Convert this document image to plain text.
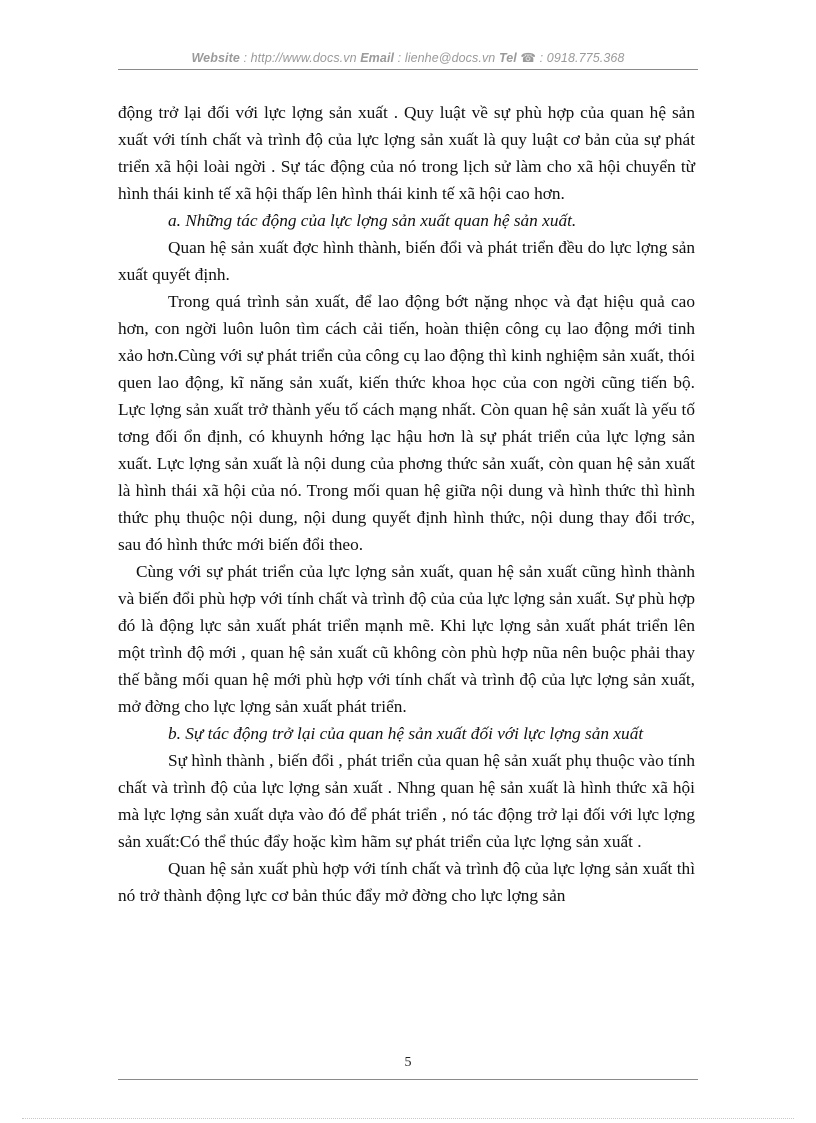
Website : http://www.docs.vn Email : lienhe@docs.vn Tel ☎ : 0918.775.368

động trở lại đối với lực lợng sản xuất . Quy luật về sự phù hợp của quan hệ sản xuất với tính chất và trình độ của lực lợng sản xuất là quy luật cơ bản của sự phát triển xã hội loài ngời . Sự tác động của nó trong lịch sử làm cho xã hội chuyển từ hình thái kinh tế xã hội thấp lên hình thái kinh tế xã hội cao hơn.

a. Những tác động của lực lợng sản xuất quan hệ sản xuất.

Quan hệ sản xuất đợc hình thành, biến đổi và phát triển đều do lực lợng sản xuất quyết định.

Trong quá trình sản xuất, để lao động bớt nặng nhọc và đạt hiệu quả cao hơn, con ngời luôn luôn tìm cách cải tiến, hoàn thiện công cụ lao động mới tinh xảo hơn.Cùng với sự phát triển của công cụ lao động thì kinh nghiệm sản xuất, thói quen lao động, kĩ năng sản xuất, kiến thức khoa học của con ngời cũng tiến bộ. Lực lợng sản xuất trở thành yếu tố cách mạng nhất. Còn quan hệ sản xuất là yếu tố tơng đối ổn định, có khuynh hớng lạc hậu hơn là sự phát triển của lực lợng sản xuất. Lực lợng sản xuất là nội dung của phơng thức sản xuất, còn quan hệ sản xuất là hình thái xã hội của nó. Trong mối quan hệ giữa nội dung và hình thức thì hình thức phụ thuộc nội dung, nội dung quyết định hình thức, nội dung thay đổi trớc, sau đó hình thức mới biến đổi theo.

Cùng với sự phát triển của lực lợng sản xuất, quan hệ sản xuất cũng hình thành và biến đổi phù hợp với tính chất và trình độ của của lực lợng sản xuất. Sự phù hợp đó là động lực sản xuất phát triển mạnh mẽ. Khi lực lợng sản xuất phát triển lên một trình độ mới , quan hệ sản xuất cũ không còn phù hợp nũa nên buộc phải thay thế bằng mối quan hệ mới phù hợp với tính chất và trình độ của lực lợng sản xuất, mở đờng cho lực lợng sản xuất phát triển.

b. Sự tác động trở lại của quan hệ sản xuất đối với lực lợng sản xuất

Sự hình thành , biến đổi , phát triển của quan hệ sản xuất phụ thuộc vào tính chất và trình độ của lực lợng sản xuất . Nhng quan hệ sản xuất là hình thức xã hội mà lực lợng sản xuất dựa vào đó để phát triển , nó tác động trở lại đối với lực lợng sản xuất:Có thể thúc đẩy hoặc kìm hãm sự phát triển của lực lợng sản xuất .

Quan hệ sản xuất phù hợp với tính chất và trình độ của lực lợng sản xuất thì nó trở thành động lực cơ bản thúc đẩy mở đờng cho lực lợng sản

5
